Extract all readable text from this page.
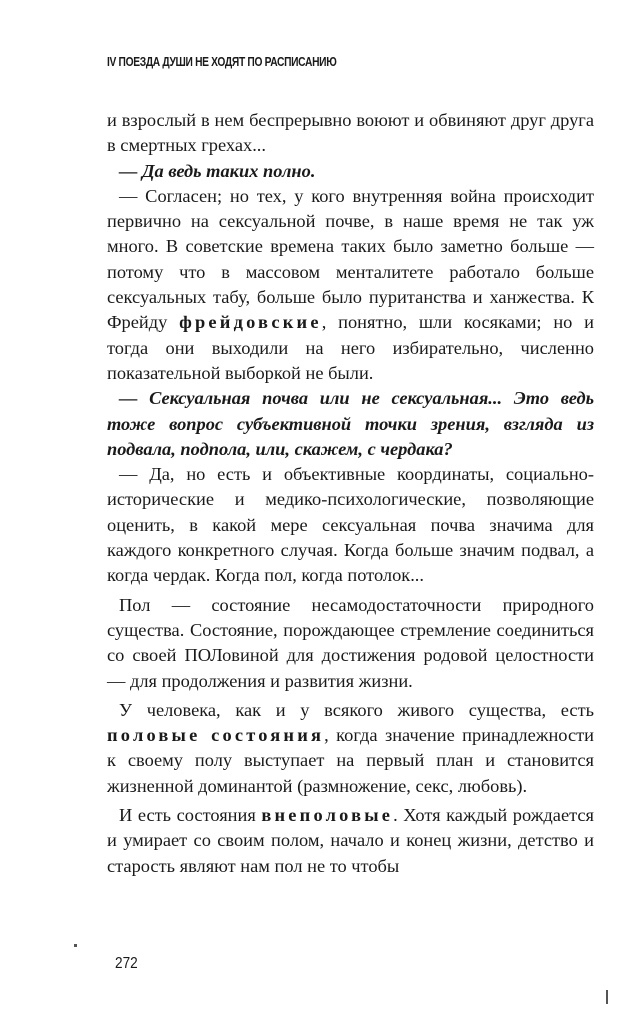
IV ПОЕЗДА ДУШИ НЕ ХОДЯТ ПО РАСПИСАНИЮ

и взрослый в нем беспрерывно воюют и обвиняют друг друга в смертных грехах...

— Да ведь таких полно.

— Согласен; но тех, у кого внутренняя война происходит первично на сексуальной почве, в наше время не так уж много. В советские времена таких было заметно больше — потому что в массовом менталитете работало больше сексуальных табу, больше было пуританства и ханжества. К Фрейду фрейдовские, понятно, шли косяками; но и тогда они выходили на него избирательно, численно показательной выборкой не были.

— Сексуальная почва или не сексуальная... Это ведь тоже вопрос субъективной точки зрения, взгляда из подвала, подпола, или, скажем, с чердака?

— Да, но есть и объективные координаты, социально-исторические и медико-психологические, позволяющие оценить, в какой мере сексуальная почва значима для каждого конкретного случая. Когда больше значим подвал, а когда чердак. Когда пол, когда потолок...

Пол — состояние несамодостаточности природного существа. Состояние, порождающее стремление соединиться со своей ПОЛовиной для достижения родовой целостности — для продолжения и развития жизни.

У человека, как и у всякого живого существа, есть половые состояния, когда значение принадлежности к своему полу выступает на первый план и становится жизненной доминантой (размножение, секс, любовь).

И есть состояния внеполовые. Хотя каждый рождается и умирает со своим полом, начало и конец жизни, детство и старость являют нам пол не то чтобы

272
